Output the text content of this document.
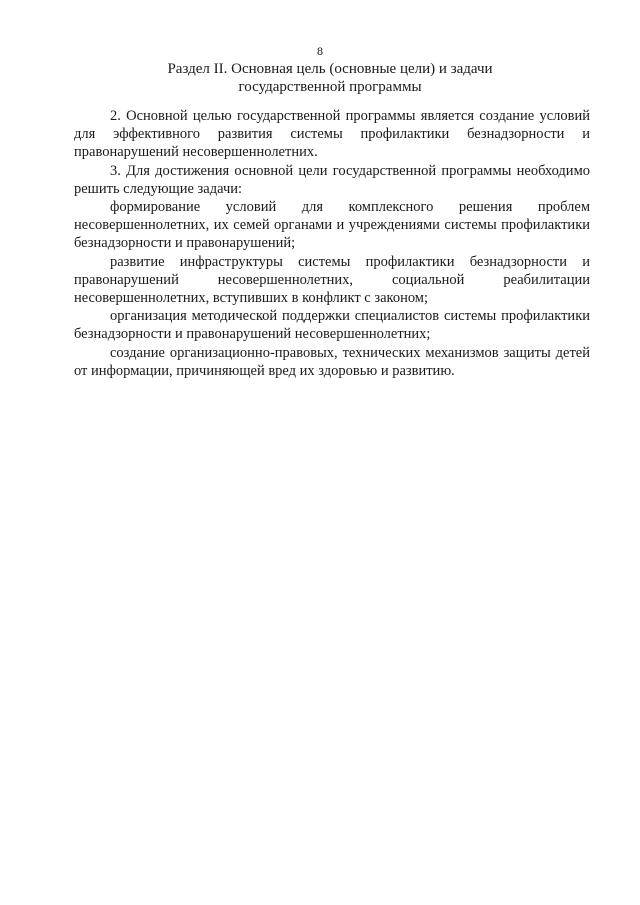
8
Раздел II. Основная цель (основные цели) и задачи
государственной программы

2. Основной целью государственной программы является создание условий для эффективного развития системы профилактики безнадзорности и правонарушений несовершеннолетних.

3. Для достижения основной цели государственной программы необходимо решить следующие задачи:

формирование условий для комплексного решения проблем несовершеннолетних, их семей органами и учреждениями системы профилактики безнадзорности и правонарушений;

развитие инфраструктуры системы профилактики безнадзорности и правонарушений несовершеннолетних, социальной реабилитации несовершеннолетних, вступивших в конфликт с законом;

организация методической поддержки специалистов системы профилактики безнадзорности и правонарушений несовершеннолетних;

создание организационно-правовых, технических механизмов защиты детей от информации, причиняющей вред их здоровью и развитию.
